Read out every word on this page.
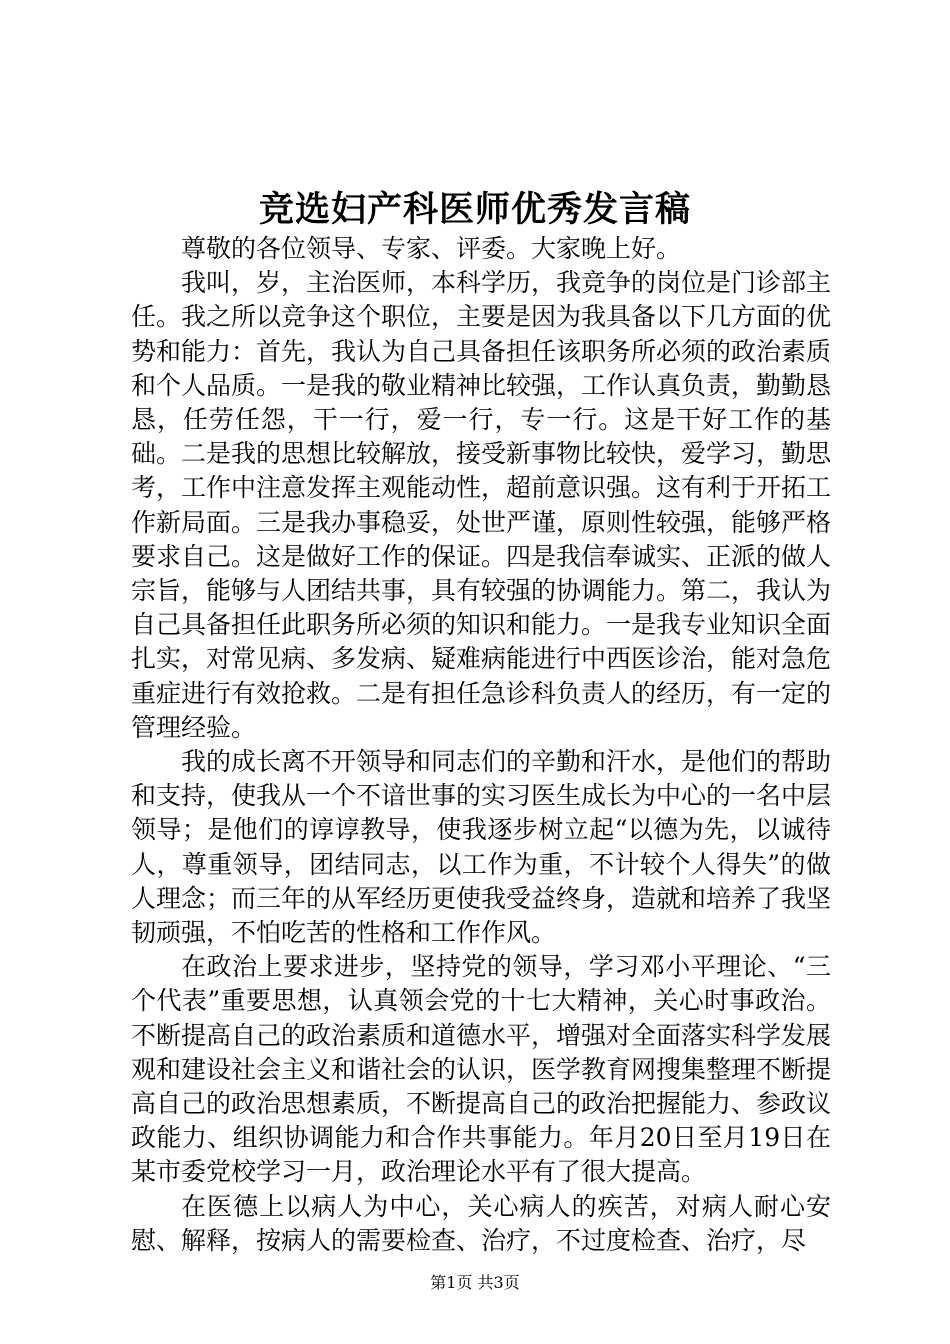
竞选妇产科医师优秀发言稿

尊敬的各位领导、专家、评委。大家晚上好。

我叫，岁，主治医师，本科学历，我竞争的岗位是门诊部主任。我之所以竞争这个职位，主要是因为我具备以下几方面的优势和能力：首先，我认为自己具备担任该职务所必须的政治素质和个人品质。一是我的敬业精神比较强，工作认真负责，勤勤恳恳，任劳任怨，干一行，爱一行，专一行。这是干好工作的基础。二是我的思想比较解放，接受新事物比较快，爱学习，勤思考，工作中注意发挥主观能动性，超前意识强。这有利于开拓工作新局面。三是我办事稳妥，处世严谨，原则性较强，能够严格要求自己。这是做好工作的保证。四是我信奉诚实、正派的做人宗旨，能够与人团结共事，具有较强的协调能力。第二，我认为自己具备担任此职务所必须的知识和能力。一是我专业知识全面扎实，对常见病、多发病、疑难病能进行中西医诊治，能对急危重症进行有效抢救。二是有担任急诊科负责人的经历，有一定的管理经验。

我的成长离不开领导和同志们的辛勤和汗水，是他们的帮助和支持，使我从一个不谙世事的实习医生成长为中心的一名中层领导；是他们的谆谆教导，使我逐步树立起“以德为先，以诚待人，尊重领导，团结同志，以工作为重，不计较个人得失”的做人理念；而三年的从军经历更使我受益终身，造就和培养了我坚韧顽强，不怕吃苦的性格和工作作风。

在政治上要求进步，坚持党的领导，学习邓小平理论、“三个代表”重要思想，认真领会党的十七大精神，关心时事政治。不断提高自己的政治素质和道德水平，增强对全面落实科学发展观和建设社会主义和谐社会的认识，医学教育网搜集整理不断提高自己的政治思想素质，不断提高自己的政治把握能力、参政议政能力、组织协调能力和合作共事能力。年月20日至月19日在某市委党校学习一月，政治理论水平有了很大提高。

在医德上以病人为中心，关心病人的疾苦，对病人耐心安慰、解释，按病人的需要检查、治疗，不过度检查、治疗，尽

第1页 共3页
